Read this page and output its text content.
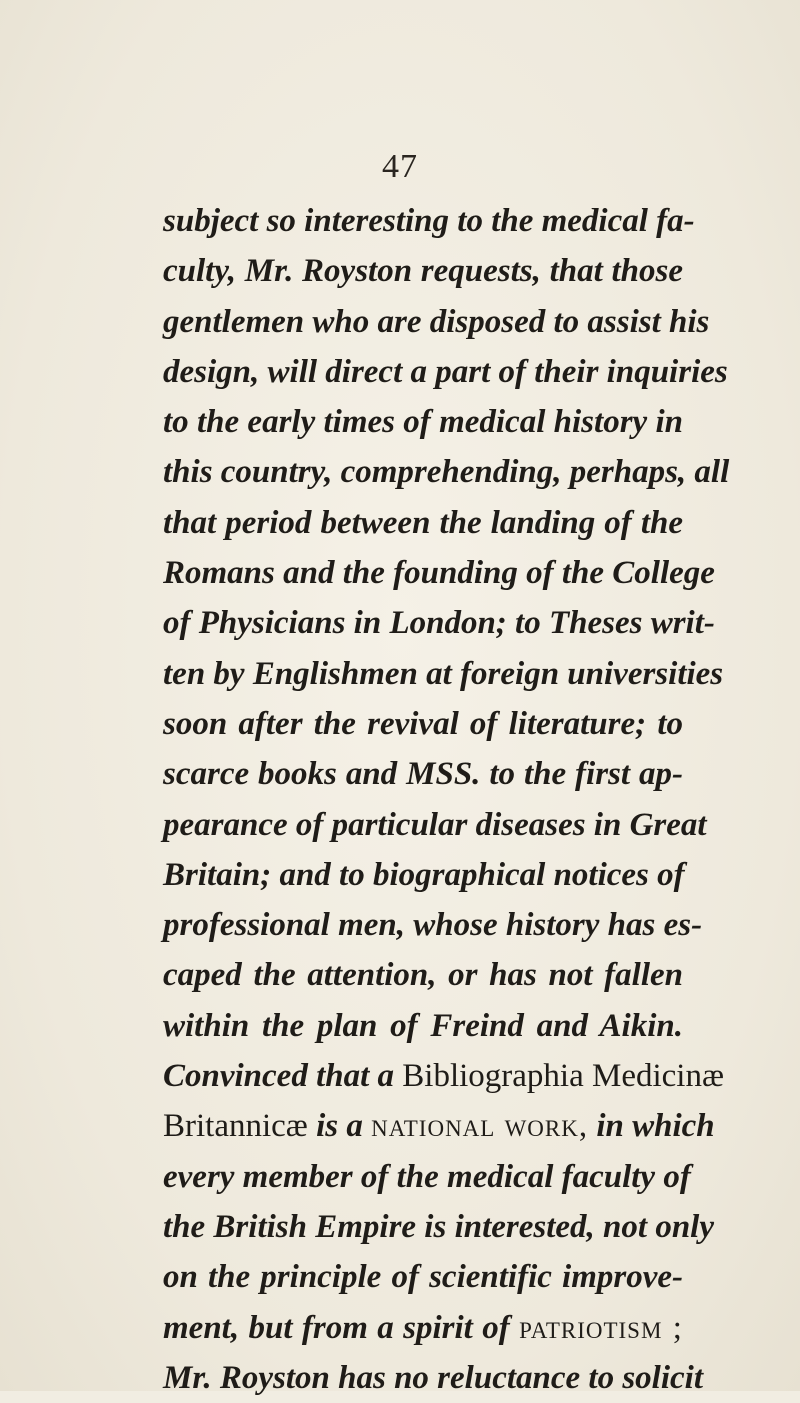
47
subject so interesting to the medical fa-
culty, Mr. Royston requests, that those
gentlemen who are disposed to assist his
design, will direct a part of their inquiries
to the early times of medical history in
this country, comprehending, perhaps, all
that period between the landing of the
Romans and the founding of the College
of Physicians in London; to Theses writ-
ten by Englishmen at foreign universities
soon after the revival of literature; to
scarce books and MSS. to the first ap-
pearance of particular diseases in Great
Britain; and to biographical notices of
professional men, whose history has es-
caped the attention, or has not fallen
within the plan of Freind and Aikin.
Convinced that a Bibliographia Medicinæ
Britannicæ is a national work, in which
every member of the medical faculty of
the British Empire is interested, not only
on the principle of scientific improve-
ment, but from a spirit of patriotism ;
Mr. Royston has no reluctance to solicit
